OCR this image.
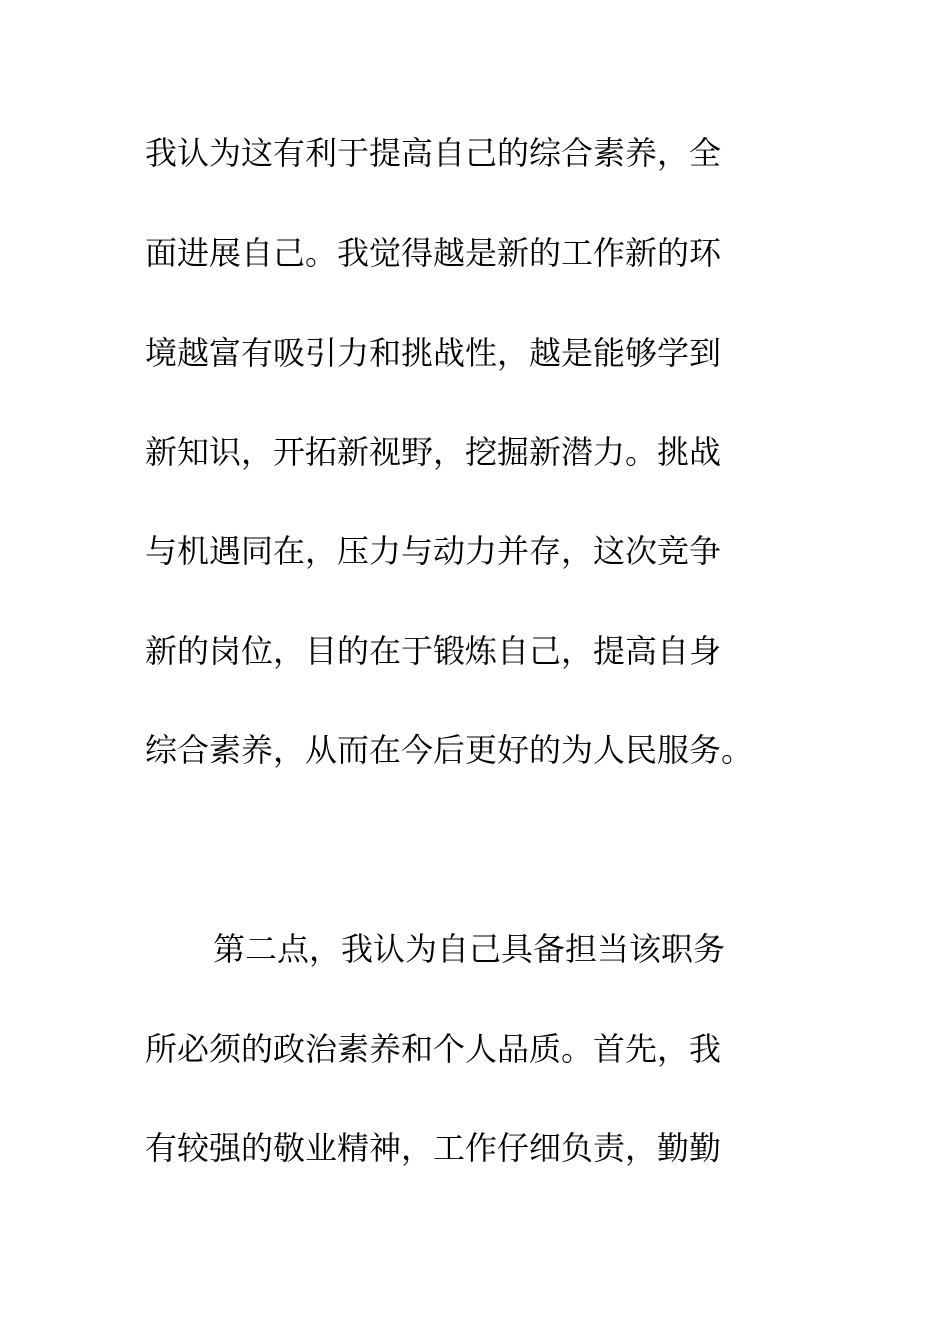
我认为这有利于提高自己的综合素养，全
面进展自己。我觉得越是新的工作新的环
境越富有吸引力和挑战性，越是能够学到
新知识，开拓新视野，挖掘新潜力。挑战
与机遇同在，压力与动力并存，这次竞争
新的岗位，目的在于锻炼自己，提高自身
综合素养，从而在今后更好的为人民服务。
第二点，我认为自己具备担当该职务
所必须的政治素养和个人品质。首先，我
有较强的敬业精神，工作仔细负责，勤勤
